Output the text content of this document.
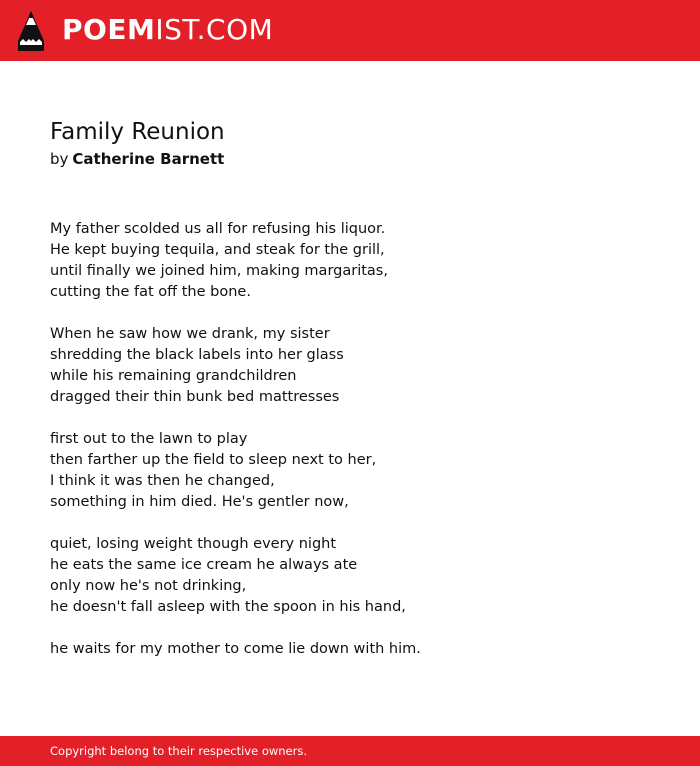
POEMIST.COM
Family Reunion
by Catherine Barnett

My father scolded us all for refusing his liquor.
He kept buying tequila, and steak for the grill,
until finally we joined him, making margaritas,
cutting the fat off the bone.

When he saw how we drank, my sister
shredding the black labels into her glass
while his remaining grandchildren
dragged their thin bunk bed mattresses

first out to the lawn to play
then farther up the field to sleep next to her,
I think it was then he changed,
something in him died. He's gentler now,

quiet, losing weight though every night
he eats the same ice cream he always ate
only now he's not drinking,
he doesn't fall asleep with the spoon in his hand,

he waits for my mother to come lie down with him.

Copyright belong to their respective owners.
